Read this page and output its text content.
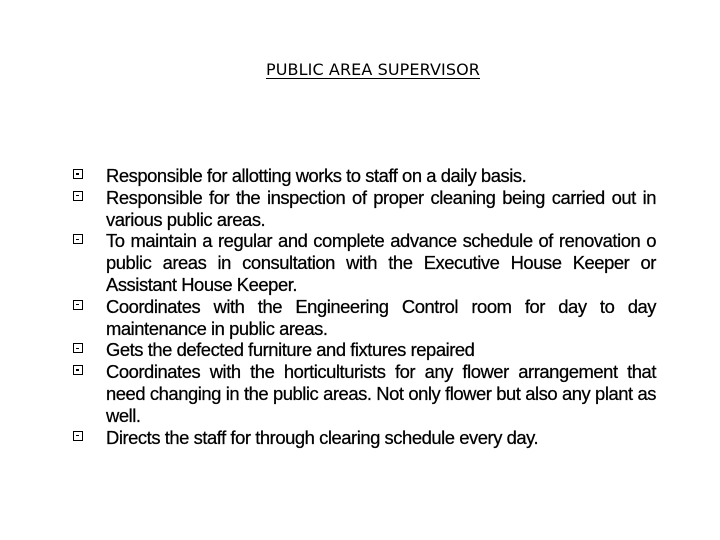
PUBLIC AREA SUPERVISOR
Responsible for allotting works to staff on a daily basis.
Responsible for the inspection of proper cleaning being carried out in various public areas.
To maintain a regular and complete advance schedule of renovation o public areas in consultation with the Executive House Keeper or Assistant House Keeper.
Coordinates with the Engineering Control room for day to day maintenance in public areas.
Gets the defected furniture and fixtures repaired
Coordinates with the horticulturists for any flower arrangement that need changing in the public areas. Not only flower but also any plant as well.
Directs the staff for through clearing schedule every day.
